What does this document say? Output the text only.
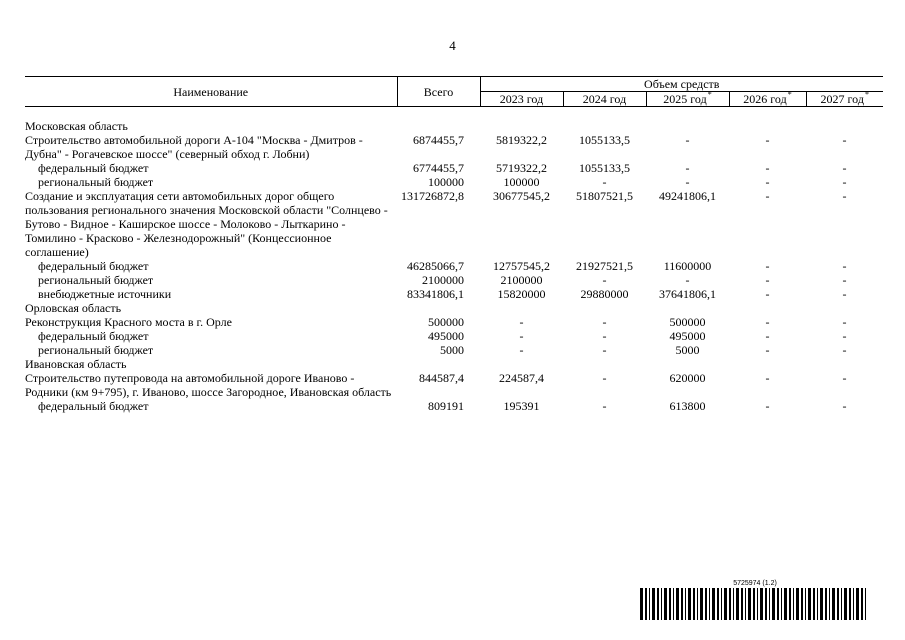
4
Наименование	Всего	Объем средств				
		2023 год	2024 год	2025 год*	2026 год*	2027 год*

Московская область						
Строительство автомобильной дороги А-104 "Москва - Дмитров - Дубна" - Рогачевское шоссе" (северный обход г. Лобни)	6874455,7	5819322,2	1055133,5	-	-	-
федеральный бюджет	6774455,7	5719322,2	1055133,5	-	-	-
региональный бюджет	100000	100000	-	-	-	-
Создание и эксплуатация сети автомобильных дорог общего пользования регионального значения Московской области "Солнцево - Бутово - Видное - Каширское шоссе - Молоково - Лыткарино - Томилино - Красково - Железнодорожный" (Концессионное соглашение)	131726872,8	30677545,2	51807521,5	49241806,1	-	-
федеральный бюджет	46285066,7	12757545,2	21927521,5	11600000	-	-
региональный бюджет	2100000	2100000	-	-	-	-
внебюджетные источники	83341806,1	15820000	29880000	37641806,1	-	-
Орловская область						
Реконструкция Красного моста в г. Орле	500000	-	-	500000	-	-
федеральный бюджет	495000	-	-	495000	-	-
региональный бюджет	5000	-	-	5000	-	-
Ивановская область						
Строительство путепровода на автомобильной дороге Иваново - Родники (км 9+795), г. Иваново, шоссе Загородное, Ивановская область	844587,4	224587,4	-	620000	-	-
федеральный бюджет	809191	195391	-	613800	-	-
5725974 (1.2)
